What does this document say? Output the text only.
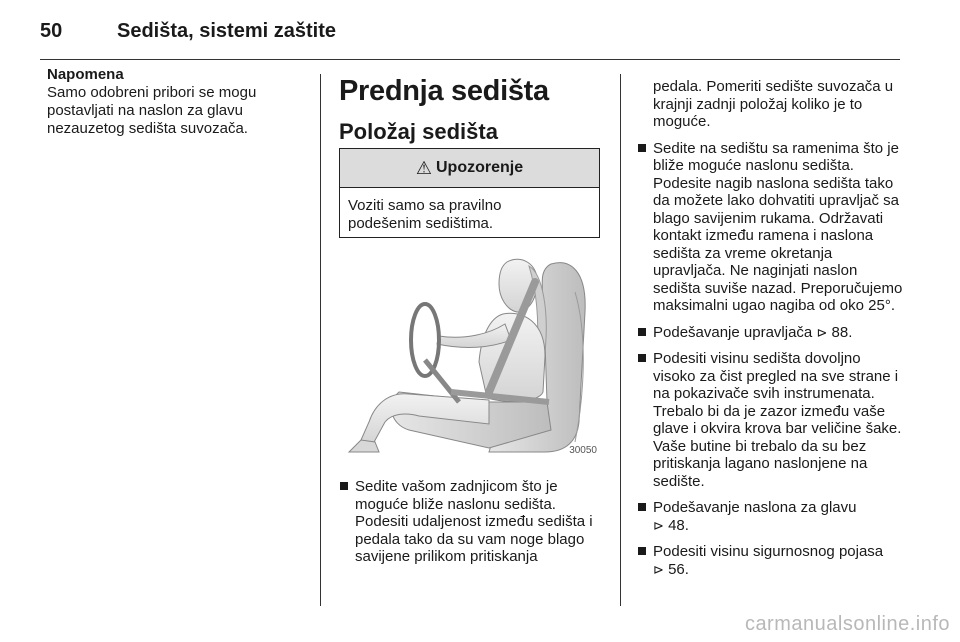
50	Sedišta, sistemi zaštite
Napomena
Samo odobreni pribori se mogu
postavljati na naslon za glavu
nezauzetog sedišta suvozača.
Prednja sedišta
Položaj sedišta
⚠ Upozorenje
Voziti samo sa pravilno
podešenim sedištima.
30050
Sedite vašom zadnjicom što je moguće bliže naslonu sedišta. Podesiti udaljenost između sedišta i pedala tako da su vam noge blago savijene prilikom pritiskanja
pedala. Pomeriti sedište suvozača u krajnji zadnji položaj koliko je to moguće.
Sedite na sedištu sa ramenima što je bliže moguće naslonu sedišta. Podesite nagib naslona sedišta tako da možete lako dohvatiti upravljač sa blago savijenim rukama. Održavati kontakt između ramena i naslona sedišta za vreme okretanja upravljača. Ne naginjati naslon sedišta suviše nazad. Preporučujemo maksimalni ugao nagiba od oko 25°.
Podešavanje upravljača ⊳ 88.
Podesiti visinu sedišta dovoljno visoko za čist pregled na sve strane i na pokazivače svih instrumenata. Trebalo bi da je zazor između vaše glave i okvira krova bar veličine šake. Vaše butine bi trebalo da su bez pritiskanja lagano naslonjene na sedište.
Podešavanje naslona za glavu
⊳ 48.
Podesiti visinu sigurnosnog pojasa
⊳ 56.
carmanualsonline.info
